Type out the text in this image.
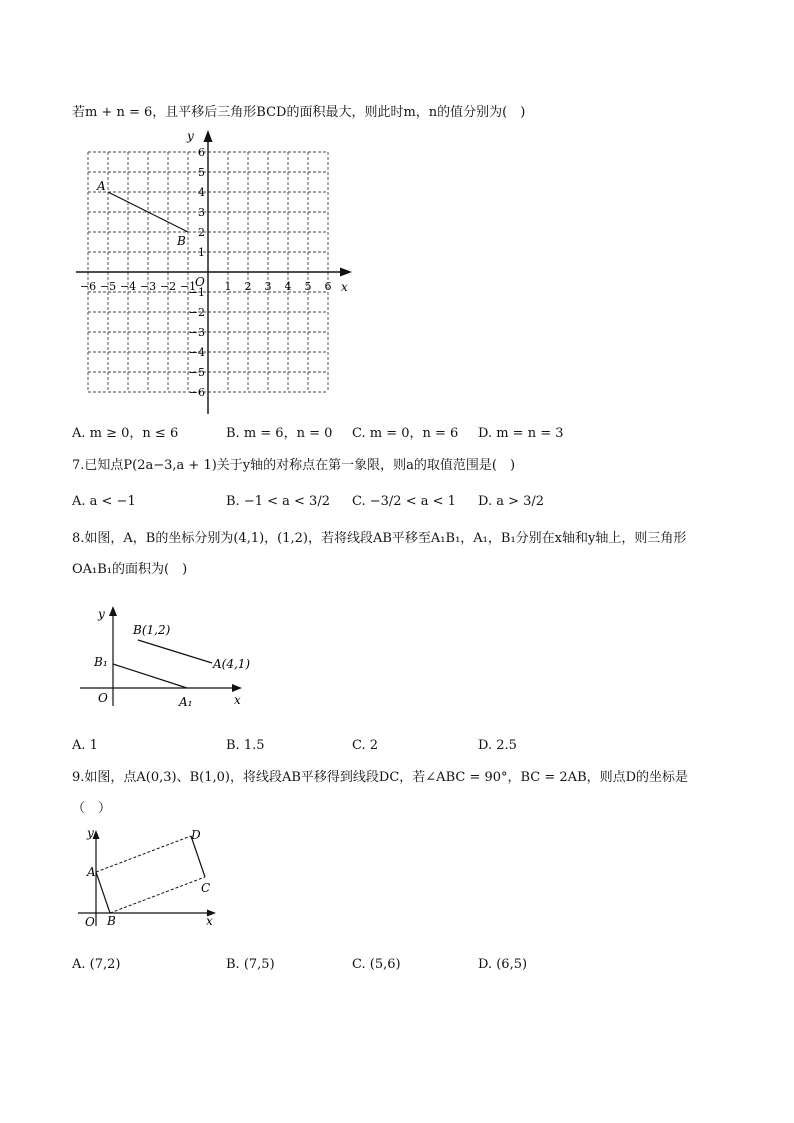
若m + n = 6，且平移后三角形BCD的面积最大，则此时m，n的值分别为(　)
−6 −5 −4 −3 −2 −1	1 2 3 4 5 6
6
5
4
3
2
1
−1
−2
−3
−4
−5
−6
O	x
y
A
B
A. m ≥ 0，n ≤ 6	B. m = 6，n = 0 C. m = 0，n = 6 D. m = n = 3
7.已知点P(2a−3,a + 1)关于y轴的对称点在第一象限，则a的取值范围是(　)
A. a < −1	B. −1 < a < 3/2 C. −3/2 < a < 1 D. a > 3/2
8.如图，A，B的坐标分别为(4,1)，(1,2)，若将线段AB平移至A₁B₁，A₁，B₁分别在x轴和y轴上，则三角形
OA₁B₁的面积为(　)
B(1,2)
A(4,1)
B₁
A₁
O	x
y
A. 1	B. 1.5	C. 2	D. 2.5
9.如图，点A(0,3)、B(1,0)，将线段AB平移得到线段DC，若∠ABC = 90°，BC = 2AB，则点D的坐标是
（　）
A
B
C
D
O	x
y
A. (7,2)	B. (7,5)	C. (5,6)	D. (6,5)
